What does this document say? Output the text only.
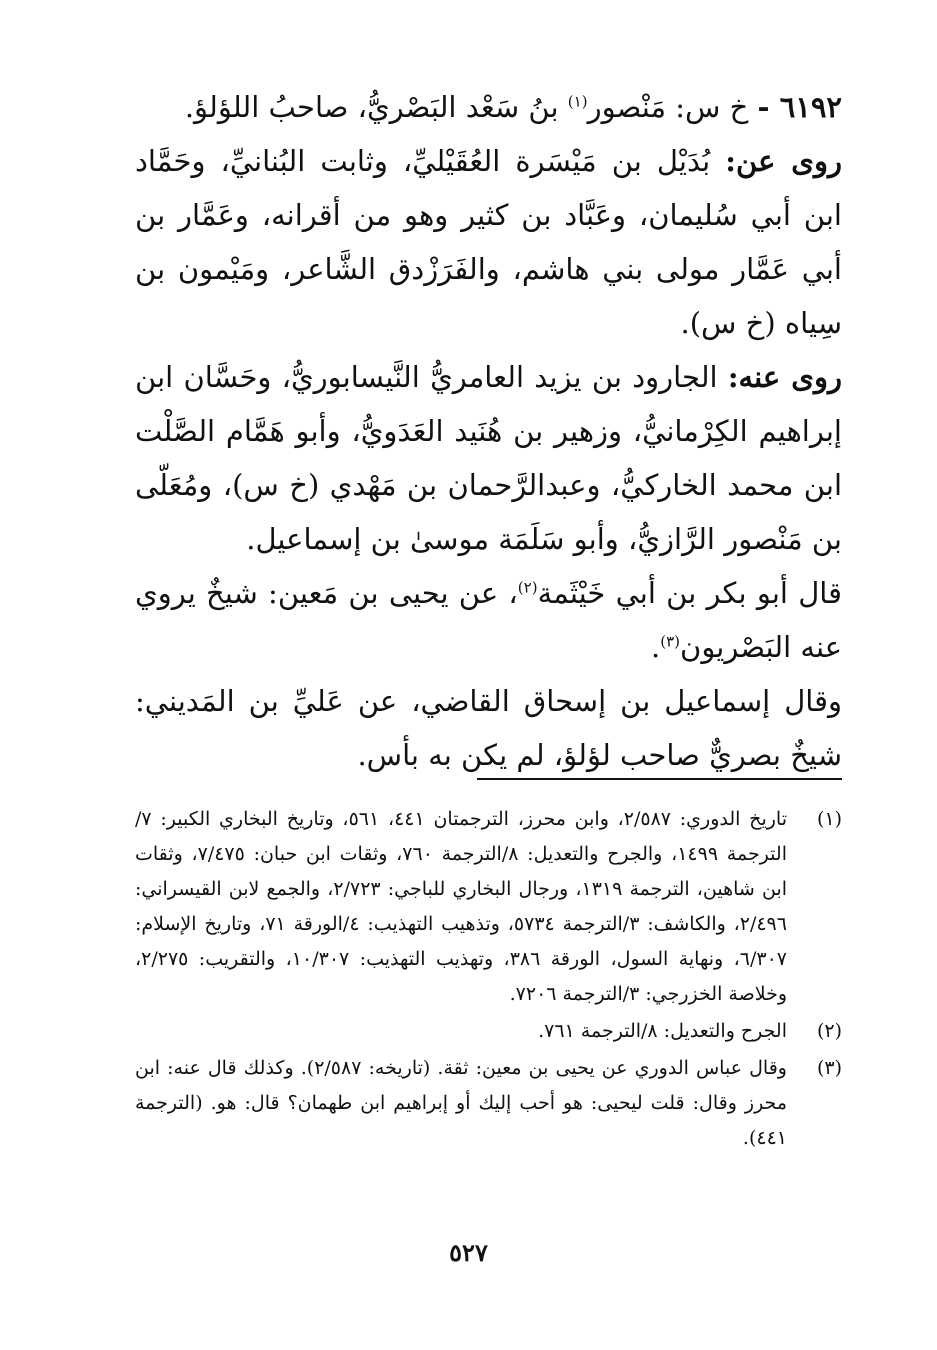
٦١٩٢ - خ س: مَنْصور$^{(١)}$ بنُ سَعْد البَصْريُّ، صاحبُ اللؤلؤ.

روى عن: بُدَيْل بن مَيْسَرة العُقَيْليِّ، وثابت البُنانيِّ، وحَمَّاد ابن أبي سُليمان، وعَبَّاد بن كثير وهو من أقرانه، وعَمَّار بن أبي عَمَّار مولى بني هاشم، والفَرَزْدق الشَّاعر، ومَيْمون بن سِياه (خ س).

روى عنه: الجارود بن يزيد العامريُّ النَّيسابوريُّ، وحَسَّان ابن إبراهيم الكِرْمانيُّ، وزهير بن هُنَيد العَدَويُّ، وأبو هَمَّام الصَّلْت ابن محمد الخاركيُّ، وعبدالرَّحمان بن مَهْدي (خ س)، ومُعَلّى بن مَنْصور الرَّازيُّ، وأبو سَلَمَة موسىٰ بن إسماعيل.

قال أبو بكر بن أبي خَيْثَمة$^{(٢)}$، عن يحيى بن مَعين: شيخٌ يروي عنه البَصْريون$^{(٣)}$.

وقال إسماعيل بن إسحاق القاضي، عن عَليِّ بن المَديني: شيخٌ بصريٌّ صاحب لؤلؤ، لم يكن به بأس.

(١)
تاريخ الدوري: ٢/٥٨٧، وابن محرز، الترجمتان ٤٤١، ٥٦١، وتاريخ البخاري الكبير: ٧/الترجمة ١٤٩٩، والجرح والتعديل: ٨/الترجمة ٧٦٠، وثقات ابن حبان: ٧/٤٧٥، وثقات ابن شاهين، الترجمة ١٣١٩، ورجال البخاري للباجي: ٢/٧٢٣، والجمع لابن القيسراني: ٢/٤٩٦، والكاشف: ٣/الترجمة ٥٧٣٤، وتذهيب التهذيب: ٤/الورقة ٧١، وتاريخ الإسلام: ٦/٣٠٧، ونهاية السول، الورقة ٣٨٦، وتهذيب التهذيب: ١٠/٣٠٧، والتقريب: ٢/٢٧٥، وخلاصة الخزرجي: ٣/الترجمة ٧٢٠٦.
(٢)
الجرح والتعديل: ٨/الترجمة ٧٦١.
(٣)
وقال عباس الدوري عن يحيى بن معين: ثقة. (تاريخه: ٢/٥٨٧). وكذلك قال عنه: ابن محرز وقال: قلت ليحيى: هو أحب إليك أو إبراهيم ابن طهمان؟ قال: هو. (الترجمة ٤٤١).
٥٢٧
